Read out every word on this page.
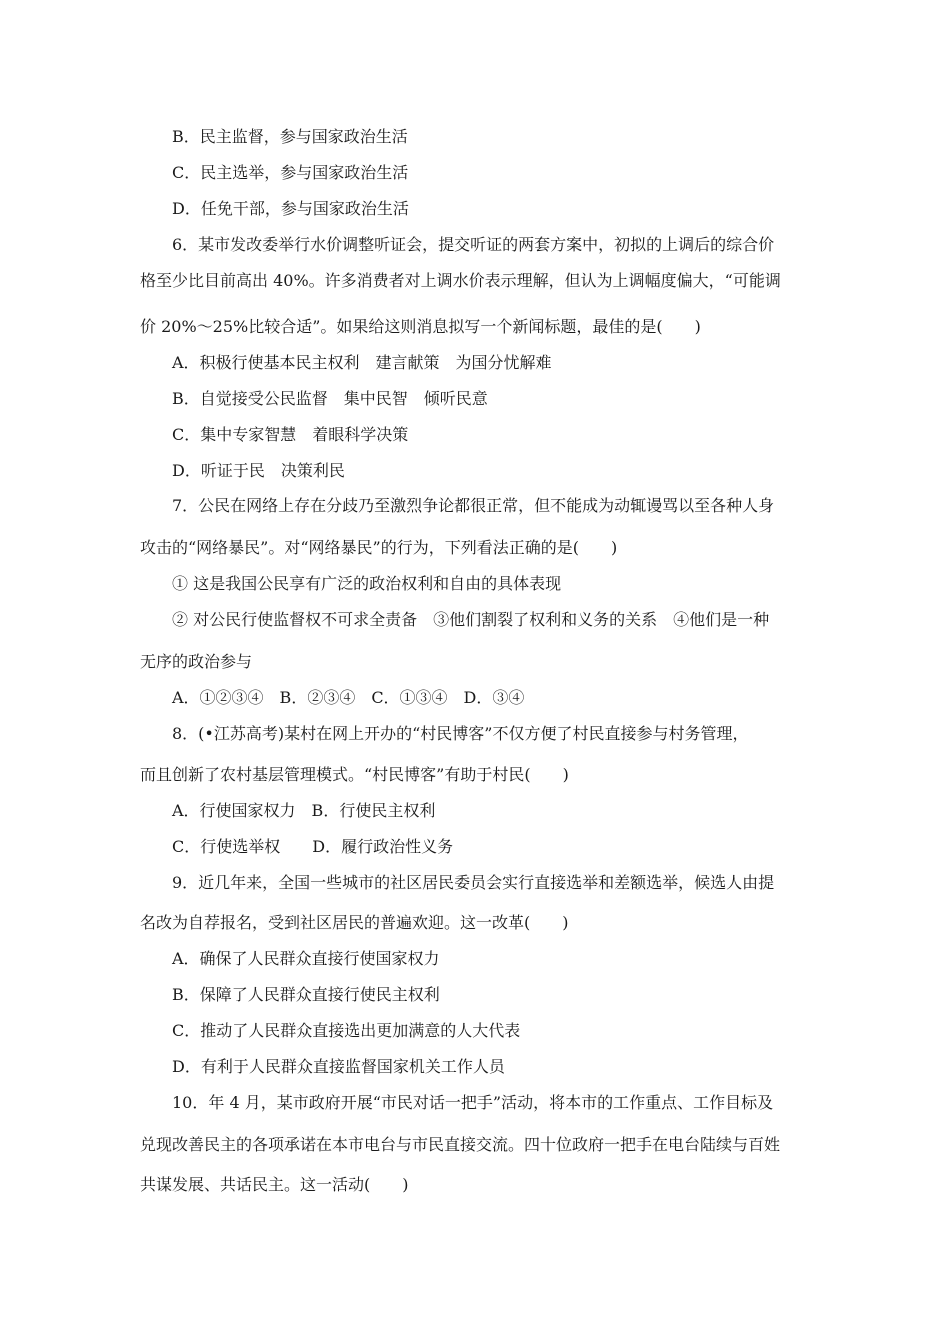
B．民主监督，参与国家政治生活
C．民主选举，参与国家政治生活
D．任免干部，参与国家政治生活
6．某市发改委举行水价调整听证会，提交听证的两套方案中，初拟的上调后的综合价
格至少比目前高出 40%。许多消费者对上调水价表示理解，但认为上调幅度偏大，“可能调
价 20%～25%比较合适”。如果给这则消息拟写一个新闻标题，最佳的是(　　)
A．积极行使基本民主权利　建言献策　为国分忧解难
B．自觉接受公民监督　集中民智　倾听民意
C．集中专家智慧　着眼科学决策
D．听证于民　决策利民
7．公民在网络上存在分歧乃至激烈争论都很正常，但不能成为动辄谩骂以至各种人身
攻击的“网络暴民”。对“网络暴民”的行为，下列看法正确的是(　　)
① 这是我国公民享有广泛的政治权利和自由的具体表现
② 对公民行使监督权不可求全责备　③他们割裂了权利和义务的关系　④他们是一种
无序的政治参与
A．①②③④　B．②③④　C．①③④　D．③④
8．(•江苏高考)某村在网上开办的“村民博客”不仅方便了村民直接参与村务管理，
而且创新了农村基层管理模式。“村民博客”有助于村民(　　)
A．行使国家权力　B．行使民主权利
C．行使选举权　　D．履行政治性义务
9．近几年来，全国一些城市的社区居民委员会实行直接选举和差额选举，候选人由提
名改为自荐报名，受到社区居民的普遍欢迎。这一改革(　　)
A．确保了人民群众直接行使国家权力
B．保障了人民群众直接行使民主权利
C．推动了人民群众直接选出更加满意的人大代表
D．有利于人民群众直接监督国家机关工作人员
10．年 4 月，某市政府开展“市民对话一把手”活动，将本市的工作重点、工作目标及
兑现改善民主的各项承诺在本市电台与市民直接交流。四十位政府一把手在电台陆续与百姓
共谋发展、共话民主。这一活动(　　)
